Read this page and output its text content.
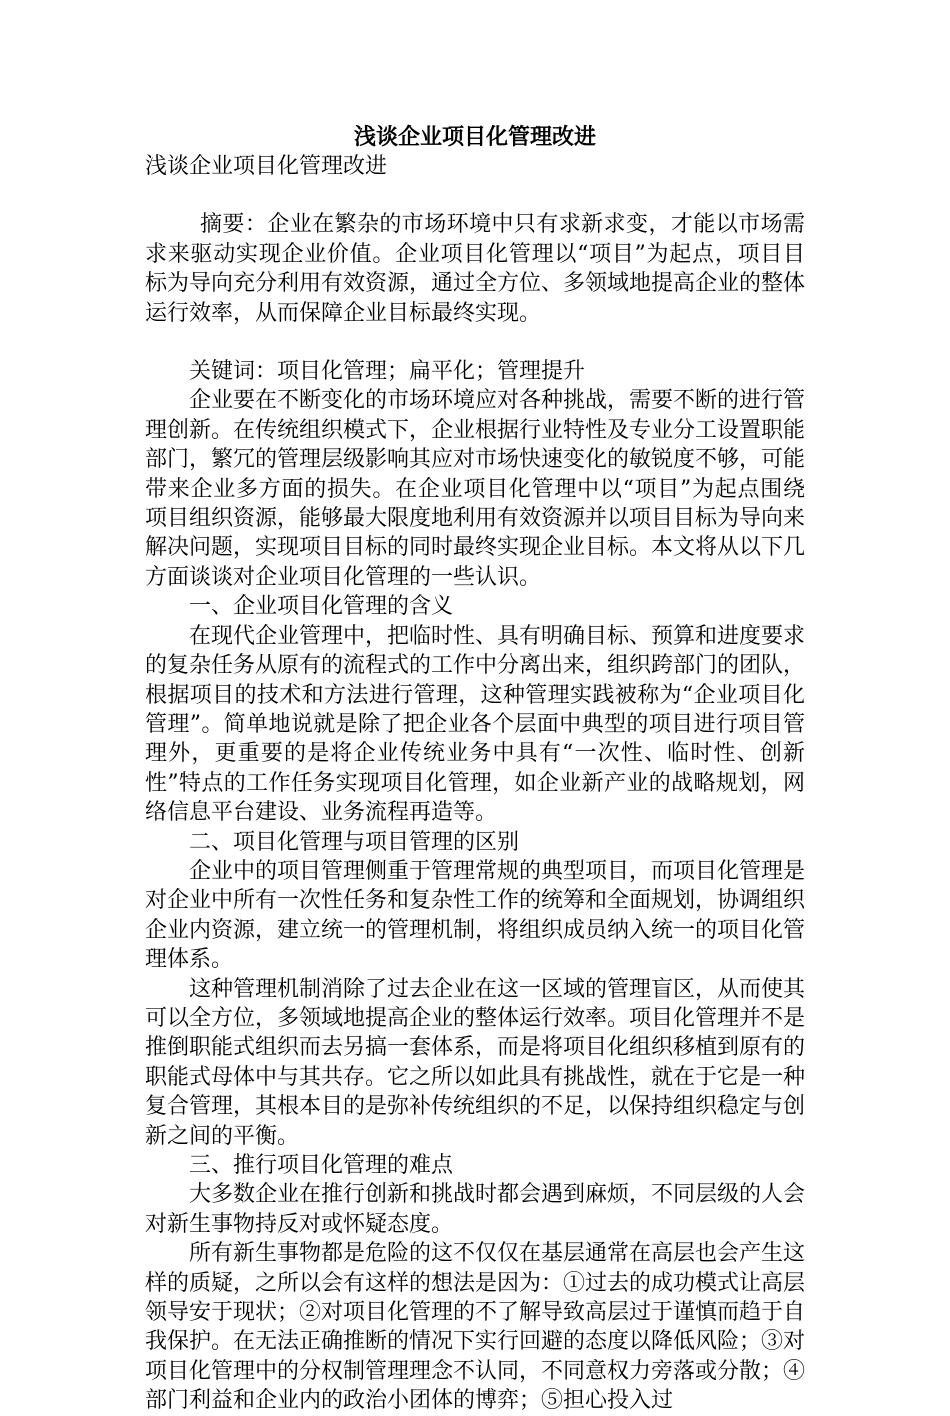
浅谈企业项目化管理改进

浅谈企业项目化管理改进

摘要：企业在繁杂的市场环境中只有求新求变，才能以市场需求来驱动实现企业价值。企业项目化管理以“项目”为起点，项目目标为导向充分利用有效资源，通过全方位、多领域地提高企业的整体运行效率，从而保障企业目标最终实现。

关键词：项目化管理；扁平化；管理提升

企业要在不断变化的市场环境应对各种挑战，需要不断的进行管理创新。在传统组织模式下，企业根据行业特性及专业分工设置职能部门，繁冗的管理层级影响其应对市场快速变化的敏锐度不够，可能带来企业多方面的损失。在企业项目化管理中以“项目”为起点围绕项目组织资源，能够最大限度地利用有效资源并以项目目标为导向来解决问题，实现项目目标的同时最终实现企业目标。本文将从以下几方面谈谈对企业项目化管理的一些认识。

一、企业项目化管理的含义

在现代企业管理中，把临时性、具有明确目标、预算和进度要求的复杂任务从原有的流程式的工作中分离出来，组织跨部门的团队，根据项目的技术和方法进行管理，这种管理实践被称为“企业项目化管理”。简单地说就是除了把企业各个层面中典型的项目进行项目管理外，更重要的是将企业传统业务中具有“一次性、临时性、创新性”特点的工作任务实现项目化管理，如企业新产业的战略规划，网络信息平台建设、业务流程再造等。

二、项目化管理与项目管理的区别

企业中的项目管理侧重于管理常规的典型项目，而项目化管理是对企业中所有一次性任务和复杂性工作的统筹和全面规划，协调组织企业内资源，建立统一的管理机制，将组织成员纳入统一的项目化管理体系。

这种管理机制消除了过去企业在这一区域的管理盲区，从而使其可以全方位，多领域地提高企业的整体运行效率。项目化管理并不是推倒职能式组织而去另搞一套体系，而是将项目化组织移植到原有的职能式母体中与其共存。它之所以如此具有挑战性，就在于它是一种复合管理，其根本目的是弥补传统组织的不足，以保持组织稳定与创新之间的平衡。

三、推行项目化管理的难点

大多数企业在推行创新和挑战时都会遇到麻烦，不同层级的人会对新生事物持反对或怀疑态度。

所有新生事物都是危险的这不仅仅在基层通常在高层也会产生这样的质疑，之所以会有这样的想法是因为：①过去的成功模式让高层领导安于现状；②对项目化管理的不了解导致高层过于谨慎而趋于自我保护。在无法正确推断的情况下实行回避的态度以降低风险；③对项目化管理中的分权制管理理念不认同，不同意权力旁落或分散；④部门利益和企业内的政治小团体的博弈；⑤担心投入过
